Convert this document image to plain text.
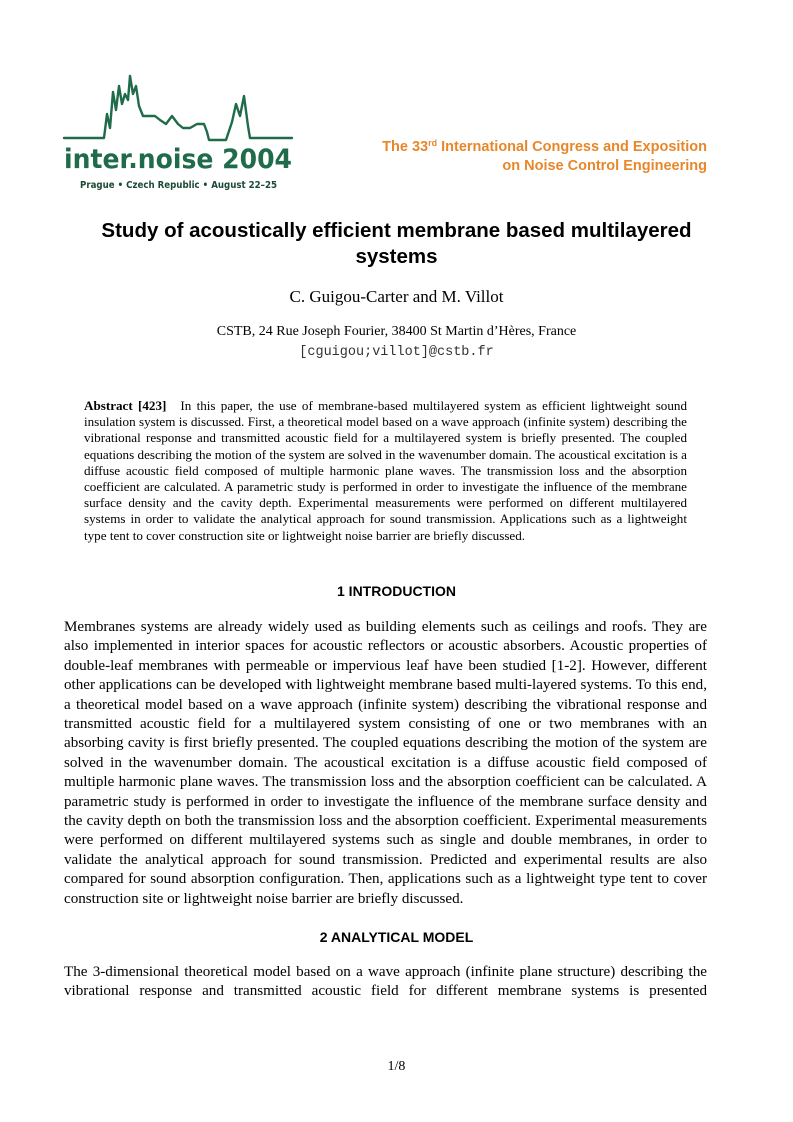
inter.noise 2004
Prague • Czech Republic • August 22–25
The 33rd International Congress and Exposition
on Noise Control Engineering
Study of acoustically efficient membrane based multilayered systems
C. Guigou-Carter and M. Villot
CSTB, 24 Rue Joseph Fourier, 38400 St Martin d’Hères, France
[cguigou;villot]@cstb.fr

Abstract [423] In this paper, the use of membrane-based multilayered system as efficient lightweight sound insulation system is discussed. First, a theoretical model based on a wave approach (infinite system) describing the vibrational response and transmitted acoustic field for a multilayered system is briefly presented. The coupled equations describing the motion of the system are solved in the wavenumber domain. The acoustical excitation is a diffuse acoustic field composed of multiple harmonic plane waves. The transmission loss and the absorption coefficient are calculated. A parametric study is performed in order to investigate the influence of the membrane surface density and the cavity depth. Experimental measurements were performed on different multilayered systems in order to validate the analytical approach for sound transmission. Applications such as a lightweight type tent to cover construction site or lightweight noise barrier are briefly discussed.

1 INTRODUCTION

Membranes systems are already widely used as building elements such as ceilings and roofs. They are also implemented in interior spaces for acoustic reflectors or acoustic absorbers. Acoustic properties of double-leaf membranes with permeable or impervious leaf have been studied [1-2]. However, different other applications can be developed with lightweight membrane based multi-layered systems. To this end, a theoretical model based on a wave approach (infinite system) describing the vibrational response and transmitted acoustic field for a multilayered system consisting of one or two membranes with an absorbing cavity is first briefly presented. The coupled equations describing the motion of the system are solved in the wavenumber domain. The acoustical excitation is a diffuse acoustic field composed of multiple harmonic plane waves. The transmission loss and the absorption coefficient can be calculated. A parametric study is performed in order to investigate the influence of the membrane surface density and the cavity depth on both the transmission loss and the absorption coefficient. Experimental measurements were performed on different multilayered systems such as single and double membranes, in order to validate the analytical approach for sound transmission. Predicted and experimental results are also compared for sound absorption configuration. Then, applications such as a lightweight type tent to cover construction site or lightweight noise barrier are briefly discussed.

2 ANALYTICAL MODEL

The 3-dimensional theoretical model based on a wave approach (infinite plane structure) describing the vibrational response and transmitted acoustic field for different membrane systems is presented

1/8
